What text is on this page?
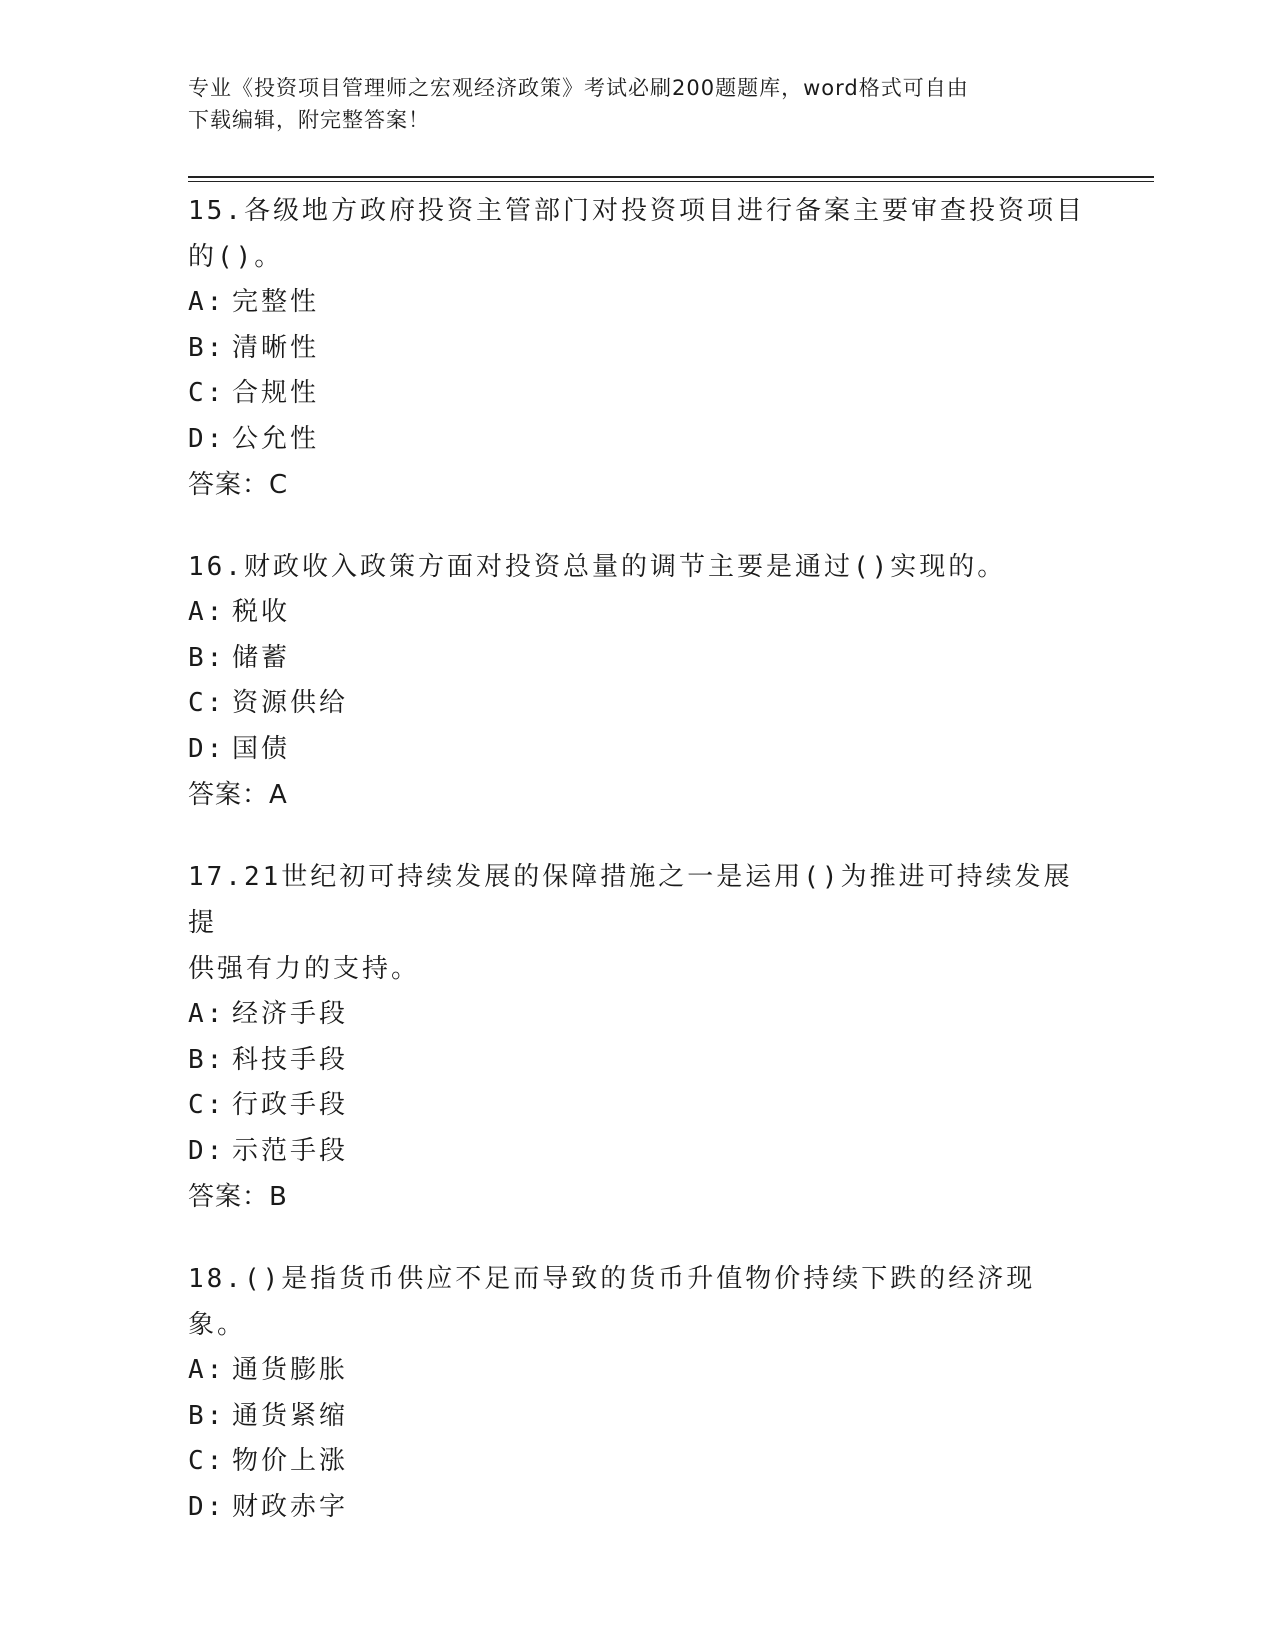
专业《投资项目管理师之宏观经济政策》考试必刷200题题库，word格式可自由
下载编辑，附完整答案！
15.各级地方政府投资主管部门对投资项目进行备案主要审查投资项目
的()。
A: 完整性
B: 清晰性
C: 合规性
D: 公允性
答案：C
16.财政收入政策方面对投资总量的调节主要是通过()实现的。
A: 税收
B: 储蓄
C: 资源供给
D: 国债
答案：A
17.21世纪初可持续发展的保障措施之一是运用()为推进可持续发展提
供强有力的支持。
A: 经济手段
B: 科技手段
C: 行政手段
D: 示范手段
答案：B
18.()是指货币供应不足而导致的货币升值物价持续下跌的经济现象。
A: 通货膨胀
B: 通货紧缩
C: 物价上涨
D: 财政赤字
